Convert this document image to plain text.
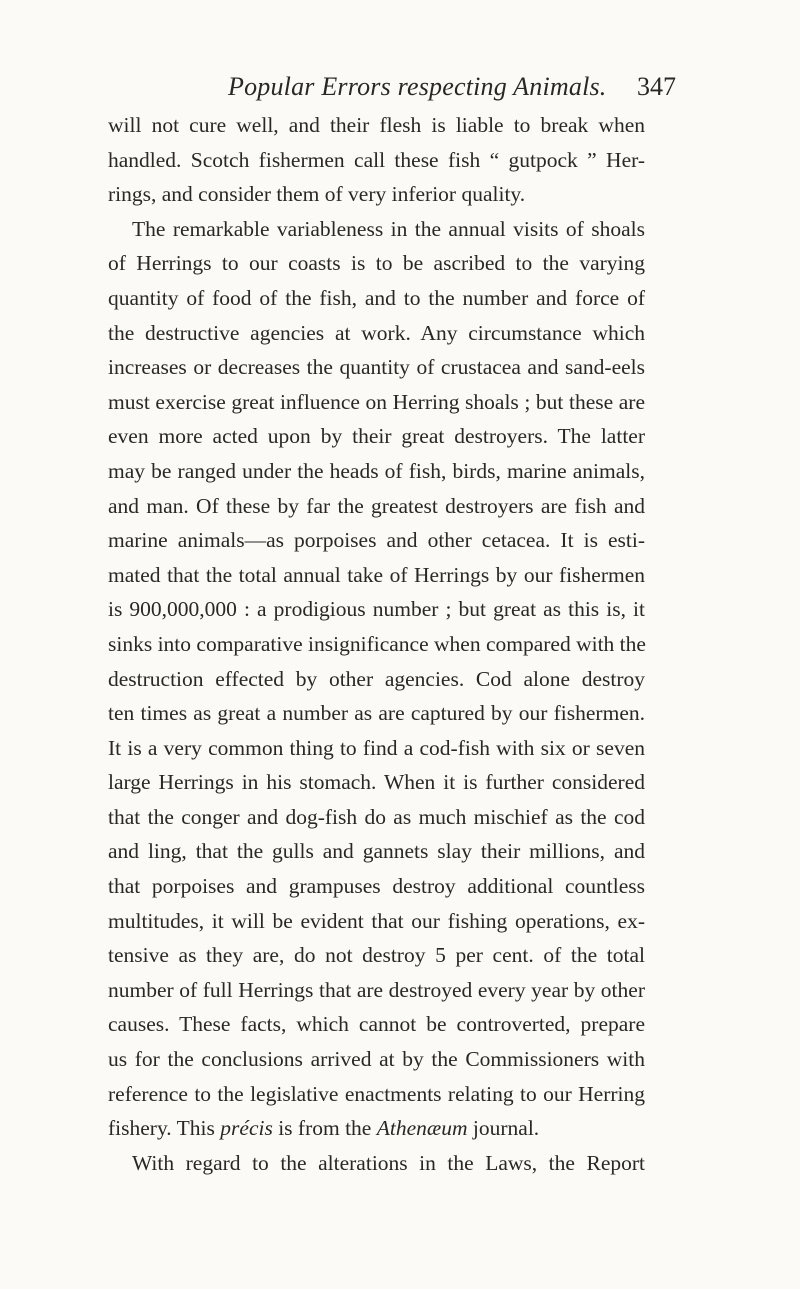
Popular Errors respecting Animals. 347
will not cure well, and their flesh is liable to break when
handled. Scotch fishermen call these fish “ gutpock ” Her-
rings, and consider them of very inferior quality.
The remarkable variableness in the annual visits of shoals
of Herrings to our coasts is to be ascribed to the varying
quantity of food of the fish, and to the number and force of
the destructive agencies at work. Any circumstance which
increases or decreases the quantity of crustacea and sand-eels
must exercise great influence on Herring shoals ; but these are
even more acted upon by their great destroyers. The latter
may be ranged under the heads of fish, birds, marine animals,
and man. Of these by far the greatest destroyers are fish and
marine animals—as porpoises and other cetacea. It is esti-
mated that the total annual take of Herrings by our fishermen
is 900,000,000 : a prodigious number ; but great as this is, it
sinks into comparative insignificance when compared with the
destruction effected by other agencies. Cod alone destroy
ten times as great a number as are captured by our fishermen.
It is a very common thing to find a cod-fish with six or seven
large Herrings in his stomach. When it is further considered
that the conger and dog-fish do as much mischief as the cod
and ling, that the gulls and gannets slay their millions, and
that porpoises and grampuses destroy additional countless
multitudes, it will be evident that our fishing operations, ex-
tensive as they are, do not destroy 5 per cent. of the total
number of full Herrings that are destroyed every year by other
causes. These facts, which cannot be controverted, prepare
us for the conclusions arrived at by the Commissioners with
reference to the legislative enactments relating to our Herring
fishery. This précis is from the Athenæum journal.
With regard to the alterations in the Laws, the Report
